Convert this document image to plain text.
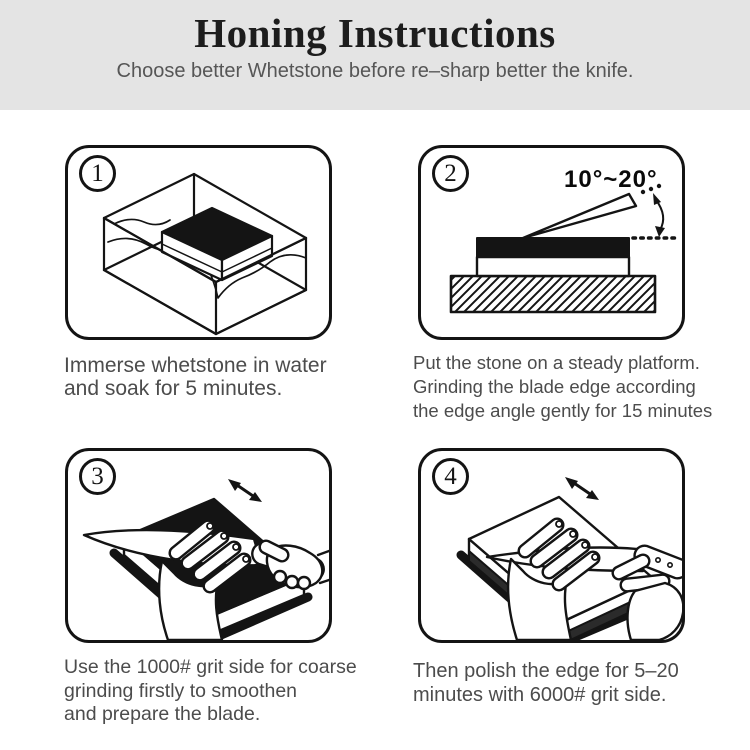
Honing Instructions
Choose better Whetstone before re–sharp better the knife.
1	2	10°~20°
3	4
Immerse whetstone in water
and soak for 5 minutes.
Put the stone on a steady platform.
Grinding the blade edge according
the edge angle gently for 15 minutes
Use the 1000# grit side for coarse
grinding firstly to smoothen
and prepare the blade.
Then polish the edge for 5–20
minutes with 6000# grit side.
